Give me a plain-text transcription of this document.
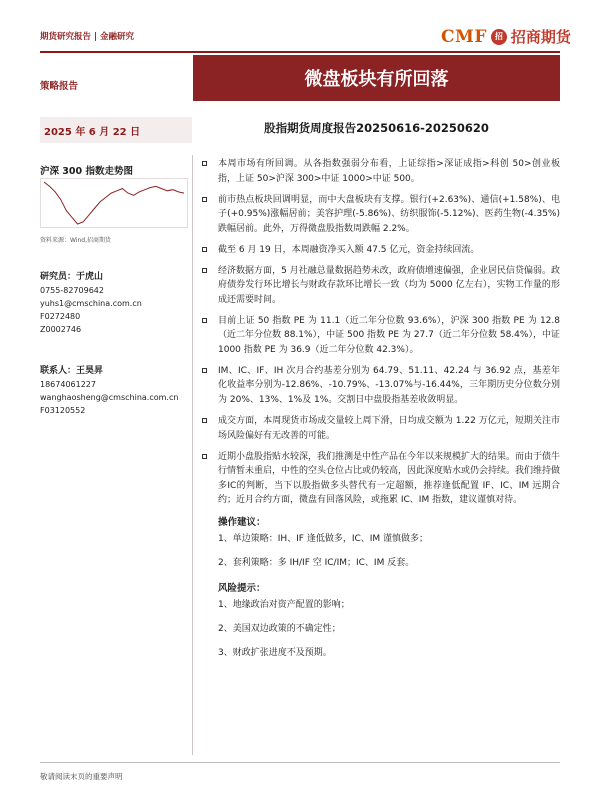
期货研究报告 | 金融研究	CMF	招 招商期货
策略报告	微盘板块有所回落
2025 年 6 月 22 日	股指期货周度报告20250616-20250620
沪深 300 指数走势图
资料来源：Wind,招商期货
研究员：于虎山
0755-82709642
yuhs1@cmschina.com.cn
F0272480
Z0002746
联系人：王昊昇
18674061227
wanghaosheng@cmschina.com.cn
F03120552
本周市场有所回调。从各指数强弱分布看，上证综指>深证成指>科创 50>创业板指，上证 50>沪深 300>中证 1000>中证 500。
前市热点板块回调明显，而中大盘板块有支撑。银行(+2.63%)、通信(+1.58%)、电子(+0.95%)涨幅居前；美容护理(-5.86%)、纺织服饰(-5.12%)、医药生物(-4.35%)跌幅居前。此外，万得微盘股指数周跌幅 2.2%。
截至 6 月 19 日，本周融资净买入额 47.5 亿元，资金持续回流。
经济数据方面，5 月社融总量数据趋势未改，政府债增速偏强，企业居民信贷偏弱。政府债券发行环比增长与财政存款环比增长一致（均为 5000 亿左右），实物工作量的形成还需要时间。
目前上证 50 指数 PE 为 11.1（近二年分位数 93.6%），沪深 300 指数 PE 为 12.8（近二年分位数 88.1%），中证 500 指数 PE 为 27.7（近二年分位数 58.4%），中证 1000 指数 PE 为 36.9（近二年分位数 42.3%）。
IM、IC、IF、IH 次月合约基差分别为 64.79、51.11、42.24 与 36.92 点，基差年化收益率分别为-12.86%、-10.79%、-13.07%与-16.44%，三年期历史分位数分别为 20%、13%、1%及 1%。交割日中盘股指基差收敛明显。
成交方面，本周现货市场成交量较上周下滑，日均成交额为 1.22 万亿元，短期关注市场风险偏好有无改善的可能。
近期小盘股指贴水较深，我们推测是中性产品在今年以来规模扩大的结果。而由于债牛行情暂未重启，中性的空头仓位占比或仍较高，因此深度贴水或仍会持续。我们维持做多IC的判断，当下以股指做多头替代有一定超额，推荐逢低配置 IF、IC、IM 远期合约；近月合约方面，微盘有回落风险，或拖累 IC、IM 指数，建议谨慎对待。
操作建议：
1、单边策略：IH、IF 逢低做多，IC、IM 谨慎做多；
2、套利策略：多 IH/IF 空 IC/IM；IC、IM 反套。
风险提示：
1、地缘政治对资产配置的影响；
2、美国双边政策的不确定性；
3、财政扩张进度不及预期。
敬请阅读末页的重要声明
